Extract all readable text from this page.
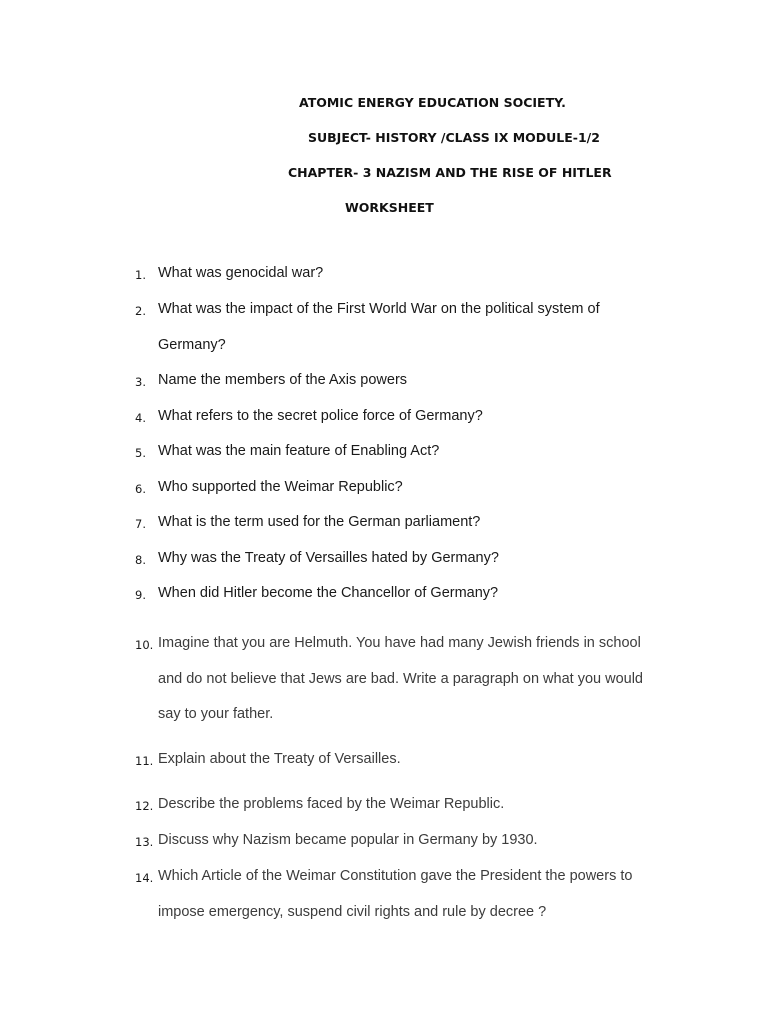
ATOMIC ENERGY EDUCATION SOCIETY.
SUBJECT- HISTORY /CLASS IX MODULE-1/2
CHAPTER- 3 NAZISM AND THE RISE OF HITLER
WORKSHEET
1. What was genocidal war?
2. What was the impact of the First World War on the political system of
Germany?
3. Name the members of the Axis powers
4. What refers to the secret police force of Germany?
5. What was the main feature of Enabling Act?
6. Who supported the Weimar Republic?
7. What is the term used for the German parliament?
8. Why was the Treaty of Versailles hated by Germany?
9. When did Hitler become the Chancellor of Germany?
10. Imagine that you are Helmuth. You have had many Jewish friends in school
and do not believe that Jews are bad. Write a paragraph on what you would
say to your father.
11. Explain about the Treaty of Versailles.
12. Describe the problems faced by the Weimar Republic.
13. Discuss why Nazism became popular in Germany by 1930.
14. Which Article of the Weimar Constitution gave the President the powers to
impose emergency, suspend civil rights and rule by decree ?
